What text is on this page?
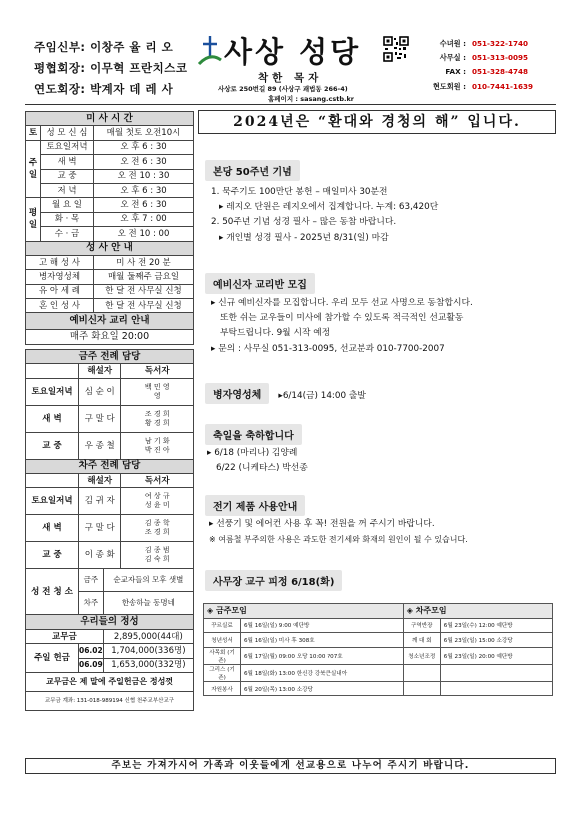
주임신부: 이창주 율 리 오
평협회장: 이무혁 프란치스코
연도회장: 박계자 데 레 사
사상 성당
착한 목자
사상로 250번길 89 (사상구 괘법동 266-4)
홈페이지 : sasang.cstb.kr
수녀원 : 051-322-1740
사무실 : 051-313-0095
FAX : 051-328-4748
현도회원 : 010-7441-1639
2024년은 “환대와 경청의 해” 입니다.
미 사 시 간		
토	성 모 신 심	매월 첫토 오전10시
주
일	토요일저녁	오 후 6 : 30
	새 벽	오 전 6 : 30
	교 중	오 전 10 : 30
	저 녁	오 후 6 : 30
평
일	월 요 일	오 전 6 : 30
	화 · 목	오 후 7 : 00
	수 · 금	오 전 10 : 00
성 사 안 내		
고 해 성 사		미 사 전 20 분
병자영성체		매월 둘째주 금요일
유 아 세 례		한 달 전 사무실 신청
혼 인 성 사		한 달 전 사무실 신청
예비신자 교리 안내		
매주 화요일 20:00		
금주 전례 담당			
	해설자		독서자
토요일저녁	심 순 이		백 민 영
영
새 벽	구 말 다		조 경 희
황 경 희
교 중	우 종 철		남 기 화
박 진 아
차주 전례 담당			
	해설자		독서자
토요일저녁	김 귀 자		여 상 규
성 윤 미
새 벽	구 말 다		김 종 학
조 경 희
교 중	이 종 화		김 종 범
김 숙 희
성 전 청 소	금주	순교자들의 모후 샛별	
	차주	한송하늘 동명네	
우리들의 정성			
교무금		2,895,000(44대)	
주일 헌금	06.02	1,704,000(336명)	
	06.09	1,653,000(332명)	
교무금은 제 말에 주일헌금은 정성껏			
교무금 계좌: 131-018-989194 신협 천주교부산교구			
본당 50주년 기념
1. 묵주기도 100만단 봉헌 – 매일미사 30분전
▸ 레지오 단원은 레지오에서 집계합니다. 누계: 63,420단
2. 50주년 기념 성경 필사 – 많은 동참 바랍니다.
▸ 개인별 성경 필사 - 2025년 8/31(일) 마감
예비신자 교리반 모집
▸ 신규 예비신자를 모집합니다. 우리 모두 선교 사명으로 동참합시다.
또한 쉬는 교우들이 미사에 참가할 수 있도록 적극적인 선교활동
부탁드립니다. 9월 시작 예정
▸ 문의 : 사무실 051-313-0095, 선교분과 010-7700-2007
병자영성체 ▸6/14(금) 14:00 출발
축일을 축하합니다
▸ 6/18 (마리나) 김양례
6/22 (니케타스) 박선종
전기 제품 사용안내
▸ 선풍기 및 에어컨 사용 후 꼭! 전원을 꺼 주시기 바랍니다.
※ 여름철 부주의한 사용은 과도한 전기세와 화재의 원인이 될 수 있습니다.
사무장 교구 피정 6/18(화)
◈ 금주모임		◈ 차주모임	
꾸르실료	6월 16일(일) 9:00 예단방	구역반장	6월 23일(수) 12:00 예단방
청년성서	6월 16일(일) 미사 후 308호	깨 대 회	6월 23일(일) 15:00 소강당
사목회 (기존)	6월 17일(월) 09:00 오당 10:00 ?07호	청소년조정	6월 23일(일) 20:00 예단방
그리스 (기존)	6월 18일(화) 13:00 한신강 강북큰실내아		
자원봉사	6월 20일(목) 13:00 소강당		
주보는 가져가시어 가족과 이웃들에게 선교용으로 나누어 주시기 바랍니다.
